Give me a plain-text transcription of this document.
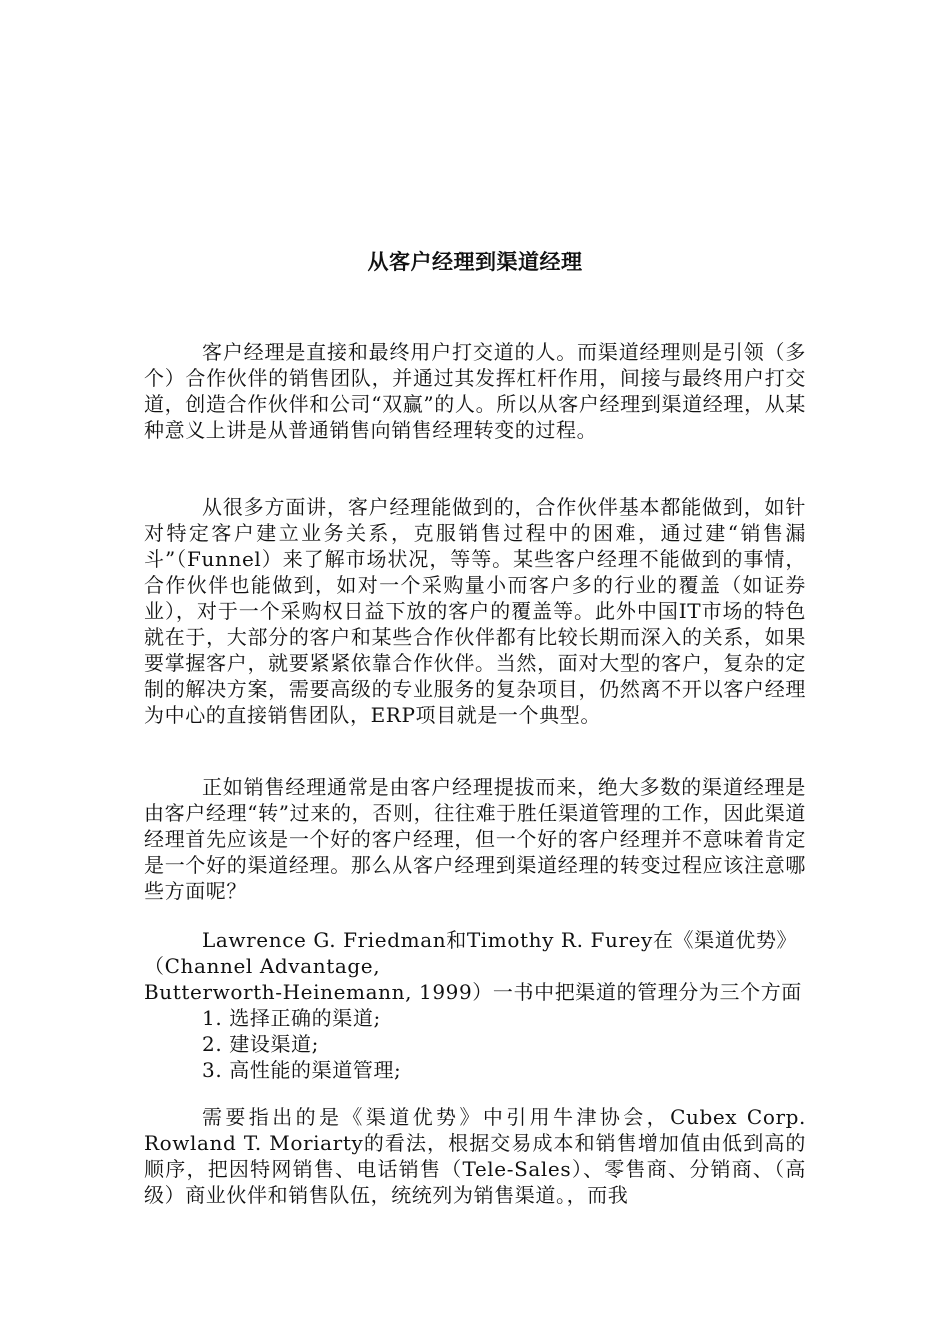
从客户经理到渠道经理

客户经理是直接和最终用户打交道的人。而渠道经理则是引领（多个）合作伙伴的销售团队，并通过其发挥杠杆作用，间接与最终用户打交道，创造合作伙伴和公司“双赢”的人。所以从客户经理到渠道经理，从某种意义上讲是从普通销售向销售经理转变的过程。

从很多方面讲，客户经理能做到的，合作伙伴基本都能做到，如针对特定客户建立业务关系，克服销售过程中的困难，通过建“销售漏斗”（Funnel）来了解市场状况，等等。某些客户经理不能做到的事情，合作伙伴也能做到，如对一个采购量小而客户多的行业的覆盖（如证券业），对于一个采购权日益下放的客户的覆盖等。此外中国IT市场的特色就在于，大部分的客户和某些合作伙伴都有比较长期而深入的关系，如果要掌握客户，就要紧紧依靠合作伙伴。当然，面对大型的客户，复杂的定制的解决方案，需要高级的专业服务的复杂项目，仍然离不开以客户经理为中心的直接销售团队，ERP项目就是一个典型。

正如销售经理通常是由客户经理提拔而来，绝大多数的渠道经理是由客户经理“转”过来的，否则，往往难于胜任渠道管理的工作，因此渠道经理首先应该是一个好的客户经理，但一个好的客户经理并不意味着肯定是一个好的渠道经理。那么从客户经理到渠道经理的转变过程应该注意哪些方面呢？

Lawrence G. Friedman和Timothy R. Furey在《渠道优势》
（Channel Advantage,
Butterworth-Heinemann, 1999）一书中把渠道的管理分为三个方面
1. 选择正确的渠道;
2. 建设渠道;
3. 高性能的渠道管理;

需要指出的是《渠道优势》中引用牛津协会，Cubex Corp. Rowland T. Moriarty的看法，根据交易成本和销售增加值由低到高的顺序，把因特网销售、电话销售（Tele-Sales）、零售商、分销商、（高级）商业伙伴和销售队伍，统统列为销售渠道。，而我
